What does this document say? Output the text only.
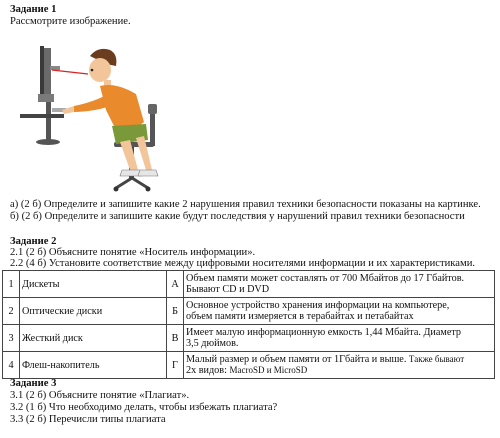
Задание 1
Рассмотрите изображение.
а) (2 б) Определите и запишите какие 2 нарушения правил техники безопасности показаны на картинке.
б) (2 б) Определите и запишите какие будут последствия у нарушений правил техники безопасности
Задание 2
2.1 (2 б) Объясните понятие «Носитель информации».
2.2 (4 б) Установите соответствие между цифровыми носителями информации и их характеристиками.
1	Дискеты	А	Объем памяти может составлять от 700 Мбайтов до 17 Гбайтов.
Бывают CD и DVD

2	Оптические диски	Б	Основное устройство хранения информации на компьютере,
объем памяти измеряется в терабайтах и петабайтах

3	Жесткий диск	В	Имеет малую информационную емкость 1,44 Мбайта. Диаметр
3,5 дюймов.

4	Флеш-накопитель	Г	Малый размер и объем памяти от 1Гбайта и выше. Также бывают
2х видов: MacroSD и MicroSD
Задание 3
3.1 (2 б) Объясните понятие «Плагиат».
3.2 (1 б) Что необходимо делать, чтобы избежать плагиата?
3.3 (2 б) Перечисли типы плагиата
